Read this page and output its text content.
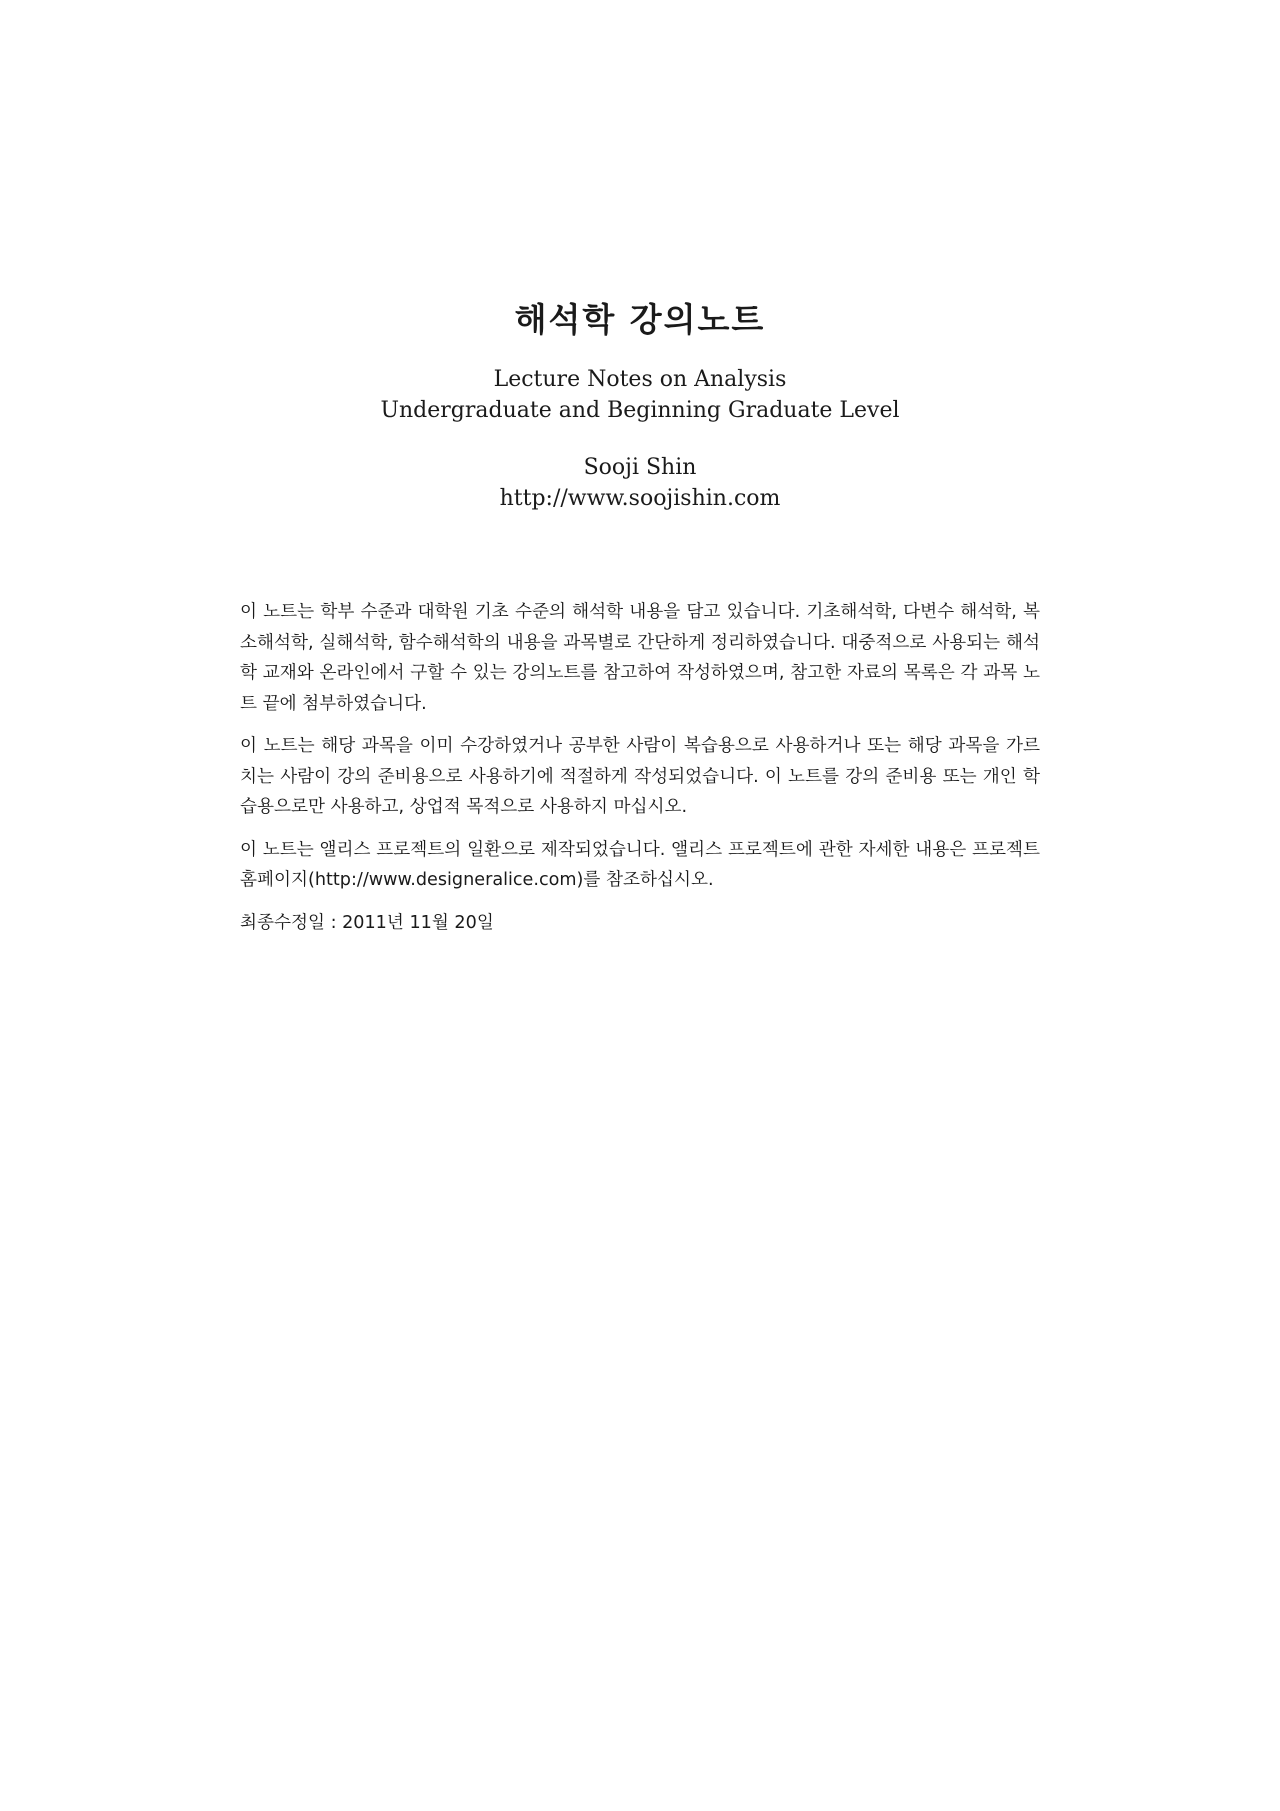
해석학 강의노트
Lecture Notes on Analysis
Undergraduate and Beginning Graduate Level
Sooji Shin
http://www.soojishin.com

이 노트는 학부 수준과 대학원 기초 수준의 해석학 내용을 담고 있습니다. 기초해석학, 다변수 해석학, 복소해석학, 실해석학, 함수해석학의 내용을 과목별로 간단하게 정리하였습니다. 대중적으로 사용되는 해석학 교재와 온라인에서 구할 수 있는 강의노트를 참고하여 작성하였으며, 참고한 자료의 목록은 각 과목 노트 끝에 첨부하였습니다.

이 노트는 해당 과목을 이미 수강하였거나 공부한 사람이 복습용으로 사용하거나 또는 해당 과목을 가르치는 사람이 강의 준비용으로 사용하기에 적절하게 작성되었습니다. 이 노트를 강의 준비용 또는 개인 학습용으로만 사용하고, 상업적 목적으로 사용하지 마십시오.

이 노트는 앨리스 프로젝트의 일환으로 제작되었습니다. 앨리스 프로젝트에 관한 자세한 내용은 프로젝트 홈페이지(http://www.designeralice.com)를 참조하십시오.

최종수정일 : 2011년 11월 20일
